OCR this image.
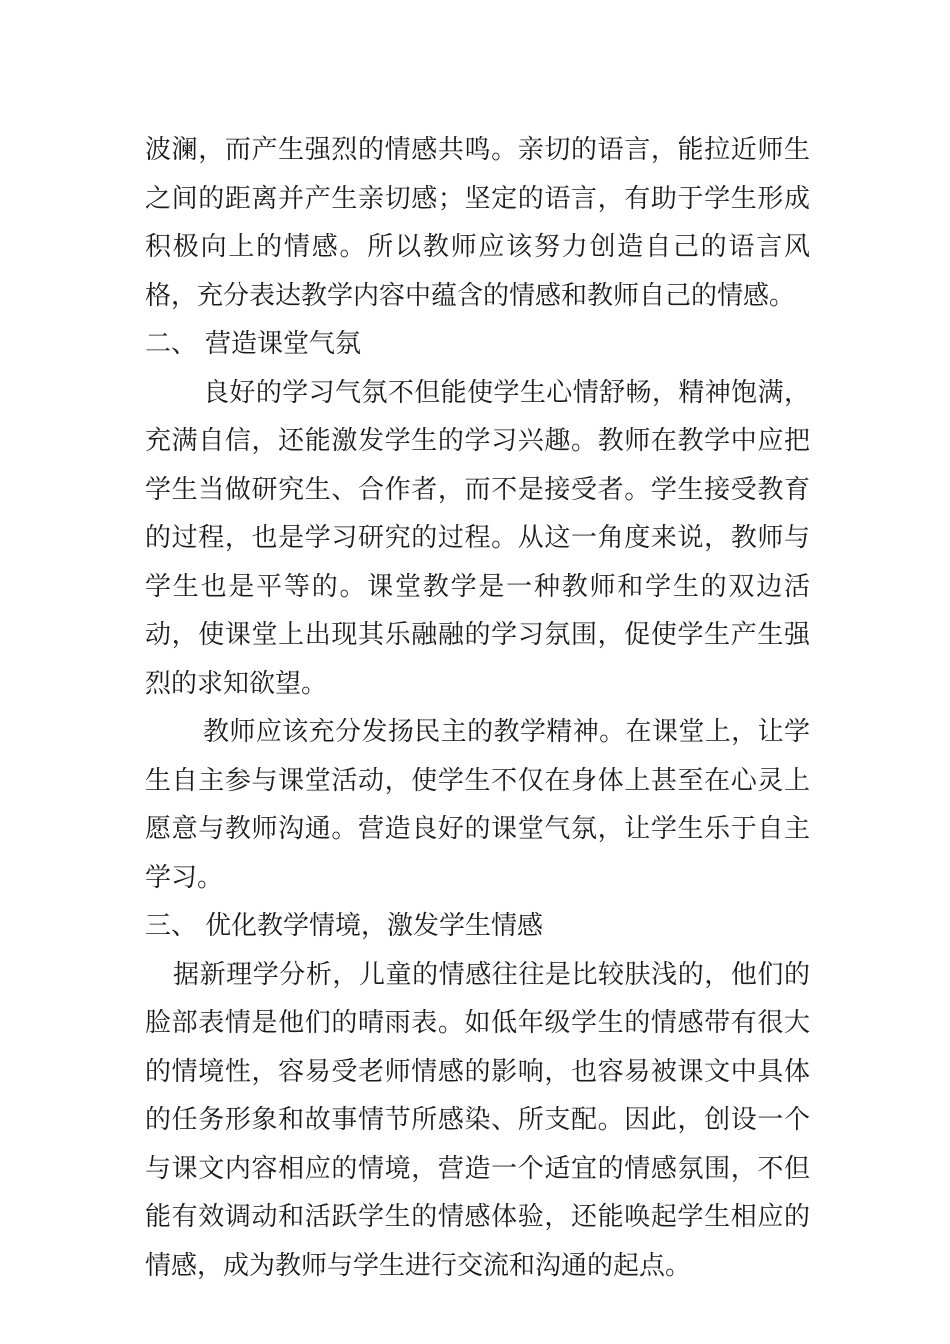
波澜，而产生强烈的情感共鸣。亲切的语言，能拉近师生之间的距离并产生亲切感；坚定的语言，有助于学生形成积极向上的情感。所以教师应该努力创造自己的语言风格，充分表达教学内容中蕴含的情感和教师自己的情感。

二、 营造课堂气氛

良好的学习气氛不但能使学生心情舒畅，精神饱满，充满自信，还能激发学生的学习兴趣。教师在教学中应把学生当做研究生、合作者，而不是接受者。学生接受教育的过程，也是学习研究的过程。从这一角度来说，教师与学生也是平等的。课堂教学是一种教师和学生的双边活动，使课堂上出现其乐融融的学习氛围，促使学生产生强烈的求知欲望。

教师应该充分发扬民主的教学精神。在课堂上，让学生自主参与课堂活动，使学生不仅在身体上甚至在心灵上愿意与教师沟通。营造良好的课堂气氛，让学生乐于自主学习。

三、 优化教学情境，激发学生情感

据新理学分析，儿童的情感往往是比较肤浅的，他们的脸部表情是他们的晴雨表。如低年级学生的情感带有很大的情境性，容易受老师情感的影响，也容易被课文中具体的任务形象和故事情节所感染、所支配。因此，创设一个与课文内容相应的情境，营造一个适宜的情感氛围，不但能有效调动和活跃学生的情感体验，还能唤起学生相应的情感，成为教师与学生进行交流和沟通的起点。
